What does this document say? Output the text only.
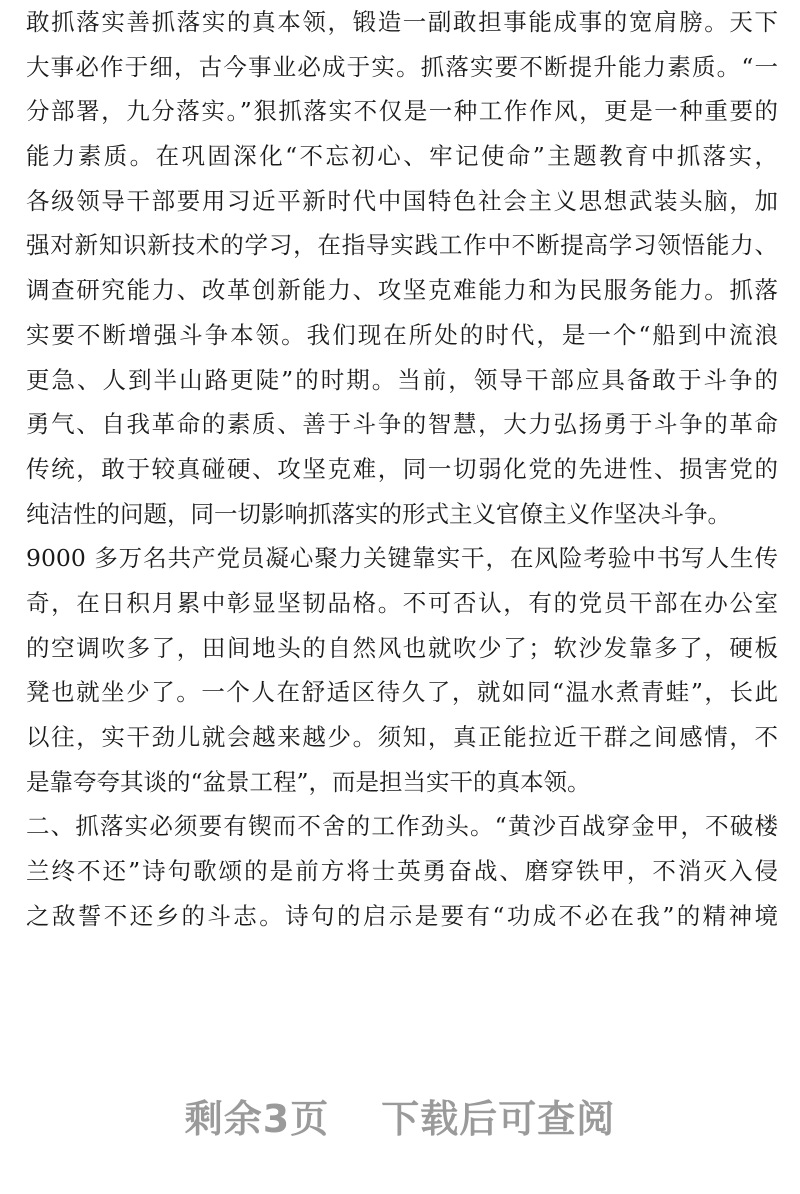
敢抓落实善抓落实的真本领，锻造一副敢担事能成事的宽肩膀。天下
大事必作于细，古今事业必成于实。抓落实要不断提升能力素质。“一
分部署，九分落实。”狠抓落实不仅是一种工作作风，更是一种重要的
能力素质。在巩固深化“不忘初心、牢记使命”主题教育中抓落实，
各级领导干部要用习近平新时代中国特色社会主义思想武装头脑，加
强对新知识新技术的学习，在指导实践工作中不断提高学习领悟能力、
调查研究能力、改革创新能力、攻坚克难能力和为民服务能力。抓落
实要不断增强斗争本领。我们现在所处的时代，是一个“船到中流浪
更急、人到半山路更陡”的时期。当前，领导干部应具备敢于斗争的
勇气、自我革命的素质、善于斗争的智慧，大力弘扬勇于斗争的革命
传统，敢于较真碰硬、攻坚克难，同一切弱化党的先进性、损害党的
纯洁性的问题，同一切影响抓落实的形式主义官僚主义作坚决斗争。
9000 多万名共产党员凝心聚力关键靠实干，在风险考验中书写人生传
奇，在日积月累中彰显坚韧品格。不可否认，有的党员干部在办公室
的空调吹多了，田间地头的自然风也就吹少了；软沙发靠多了，硬板
凳也就坐少了。一个人在舒适区待久了，就如同“温水煮青蛙”，长此
以往，实干劲儿就会越来越少。须知，真正能拉近干群之间感情，不
是靠夸夸其谈的“盆景工程”，而是担当实干的真本领。
二、抓落实必须要有锲而不舍的工作劲头。“黄沙百战穿金甲，不破楼
兰终不还”诗句歌颂的是前方将士英勇奋战、磨穿铁甲，不消灭入侵
之敌誓不还乡的斗志。诗句的启示是要有“功成不必在我”的精神境
剩余3页 下载后可查阅
